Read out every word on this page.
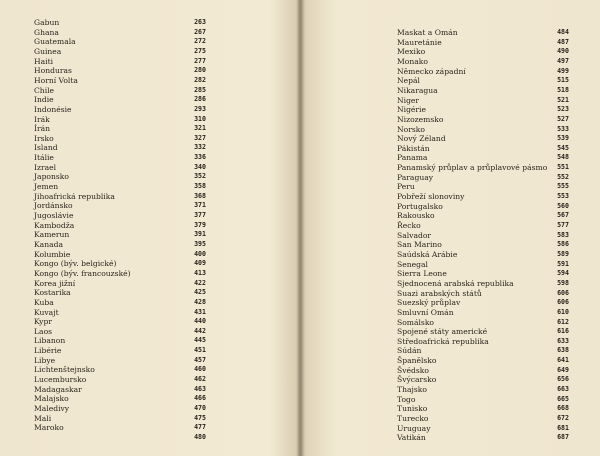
Gabun	263
Ghana	267
Guatemala	272
Guinea	275
Haiti	277
Honduras	280
Horní Volta	282
Chile	285
Indie	286
Indonésie	293
Irák	310
Írán	321
Irsko	327
Island	332
Itálie	336
Izrael	340
Japonsko	352
Jemen	358
Jihoafrická republika	368
Jordánsko	371
Jugoslávie	377
Kambodža	379
Kamerun	391
Kanada	395
Kolumbie	400
Kongo (býv. belgické)	409
Kongo (býv. francouzské)	413
Korea jižní	422
Kostarika	425
Kuba	428
Kuvajt	431
Kypr	440
Laos	442
Libanon	445
Libérie	451
Libye	457
Lichtenštejnsko	460
Lucembursko	462
Madagaskar	463
Malajsko	466
Maledivy	470
Mali	475
Maroko	477
480
Maskat a Omán	484
Mauretánie	487
Mexiko	490
Monako	497
Německo západní	499
Nepál	515
Nikaragua	518
Niger	521
Nigérie	523
Nizozemsko	527
Norsko	533
Nový Zéland	539
Pákistán	545
Panama	548
Panamský průplav a průplavové pásmo 551
Paraguay	552
Peru	555
Pobřeží slonoviny	553
Portugalsko	560
Rakousko	567
Řecko	577
Salvador	583
San Marino	586
Saúdská Arábie	589
Senegal	591
Sierra Leone	594
Sjednocená arabská republika	598
Suazi arabských států	606
Suezský průplav	606
Smluvní Omán	610
Somálsko	612
Spojené státy americké	616
Středoafrická republika	633
Súdán	638
Španělsko	641
Švédsko	649
Švýcarsko	656
Thajsko	663
Togo	665
Tunisko	668
Turecko	672
Uruguay	681
Vatikán	687
